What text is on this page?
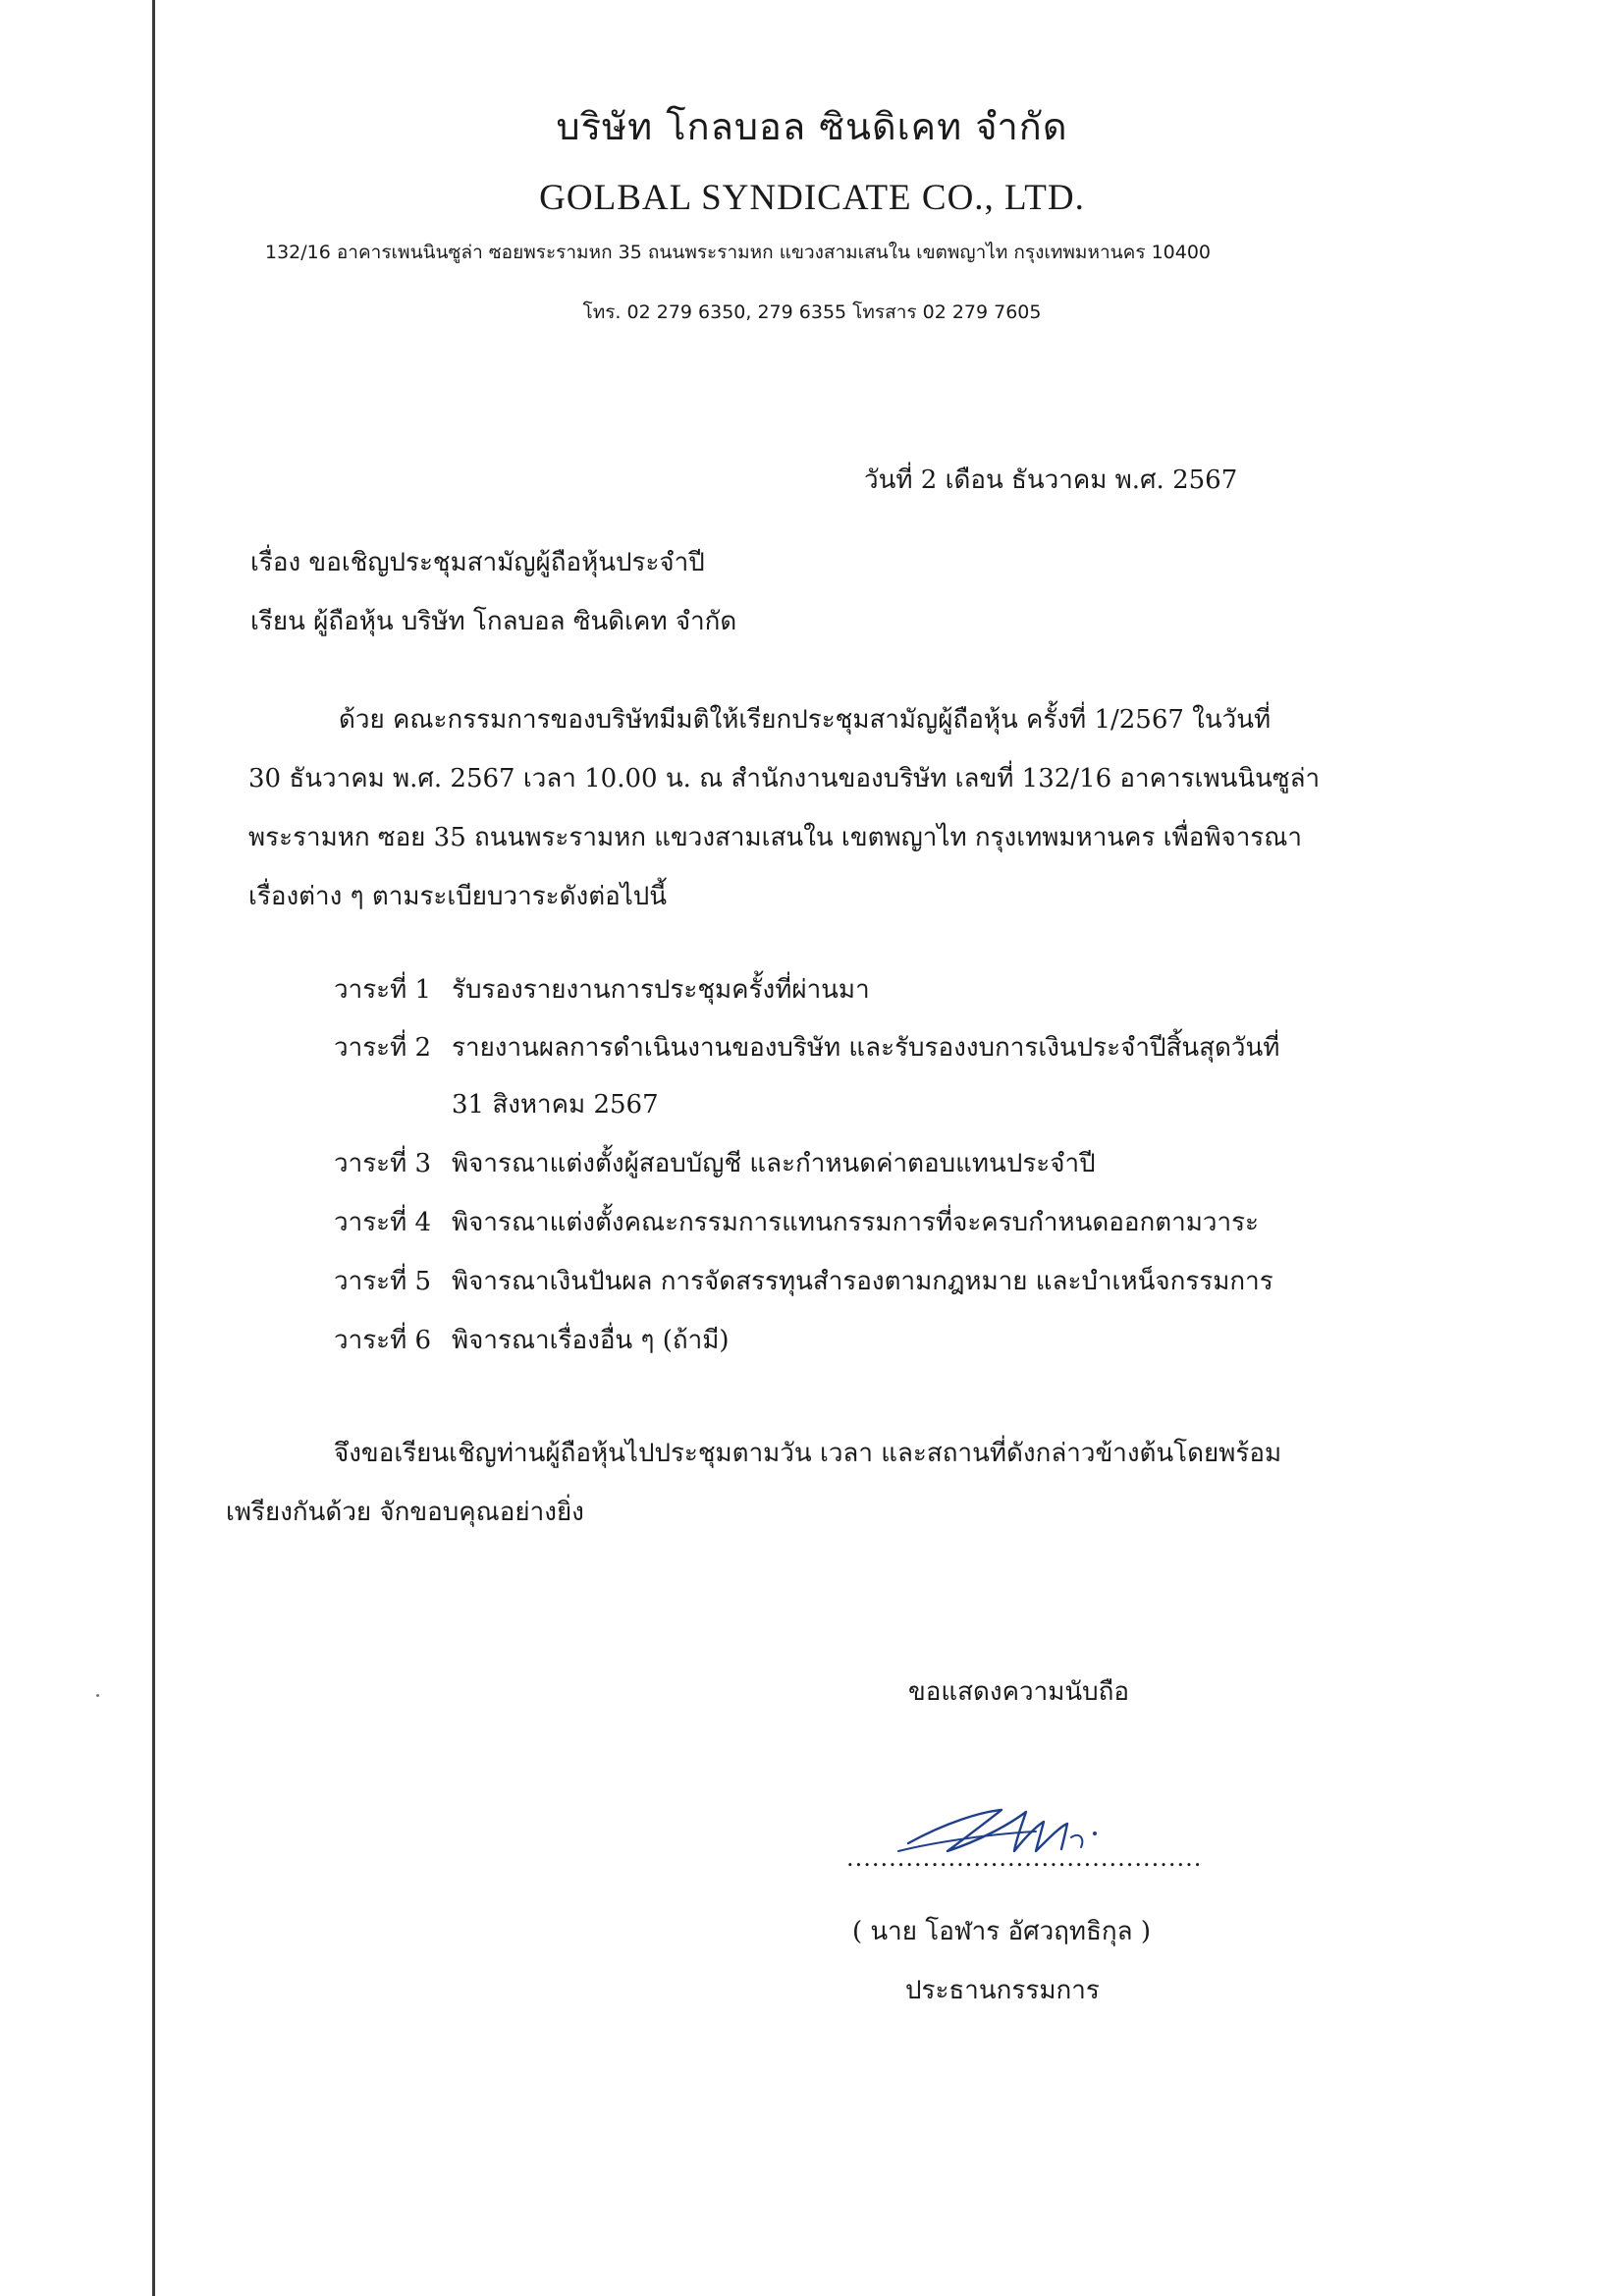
บริษัท โกลบอล ซินดิเคท จำกัด
GOLBAL SYNDICATE CO., LTD.
132/16 อาคารเพนนินซูล่า ซอยพระรามหก 35 ถนนพระรามหก แขวงสามเสนใน เขตพญาไท กรุงเทพมหานคร 10400
โทร. 02 279 6350, 279 6355 โทรสาร 02 279 7605
วันที่ 2 เดือน ธันวาคม พ.ศ. 2567
เรื่อง ขอเชิญประชุมสามัญผู้ถือหุ้นประจำปี
เรียน ผู้ถือหุ้น บริษัท โกลบอล ซินดิเคท จำกัด
ด้วย คณะกรรมการของบริษัทมีมติให้เรียกประชุมสามัญผู้ถือหุ้น ครั้งที่ 1/2567 ในวันที่
30 ธันวาคม พ.ศ. 2567 เวลา 10.00 น. ณ สำนักงานของบริษัท เลขที่ 132/16 อาคารเพนนินซูล่า
พระรามหก ซอย 35 ถนนพระรามหก แขวงสามเสนใน เขตพญาไท กรุงเทพมหานคร เพื่อพิจารณา
เรื่องต่าง ๆ ตามระเบียบวาระดังต่อไปนี้
วาระที่ 1 รับรองรายงานการประชุมครั้งที่ผ่านมา
วาระที่ 2 รายงานผลการดำเนินงานของบริษัท และรับรองงบการเงินประจำปีสิ้นสุดวันที่
31 สิงหาคม 2567
วาระที่ 3 พิจารณาแต่งตั้งผู้สอบบัญชี และกำหนดค่าตอบแทนประจำปี
วาระที่ 4 พิจารณาแต่งตั้งคณะกรรมการแทนกรรมการที่จะครบกำหนดออกตามวาระ
วาระที่ 5 พิจารณาเงินปันผล การจัดสรรทุนสำรองตามกฎหมาย และบำเหน็จกรรมการ
วาระที่ 6 พิจารณาเรื่องอื่น ๆ (ถ้ามี)
จึงขอเรียนเชิญท่านผู้ถือหุ้นไปประชุมตามวัน เวลา และสถานที่ดังกล่าวข้างต้นโดยพร้อม
เพรียงกันด้วย จักขอบคุณอย่างยิ่ง
ขอแสดงความนับถือ
..........................................
( นาย โอฬาร อัศวฤทธิกุล )
ประธานกรรมการ
